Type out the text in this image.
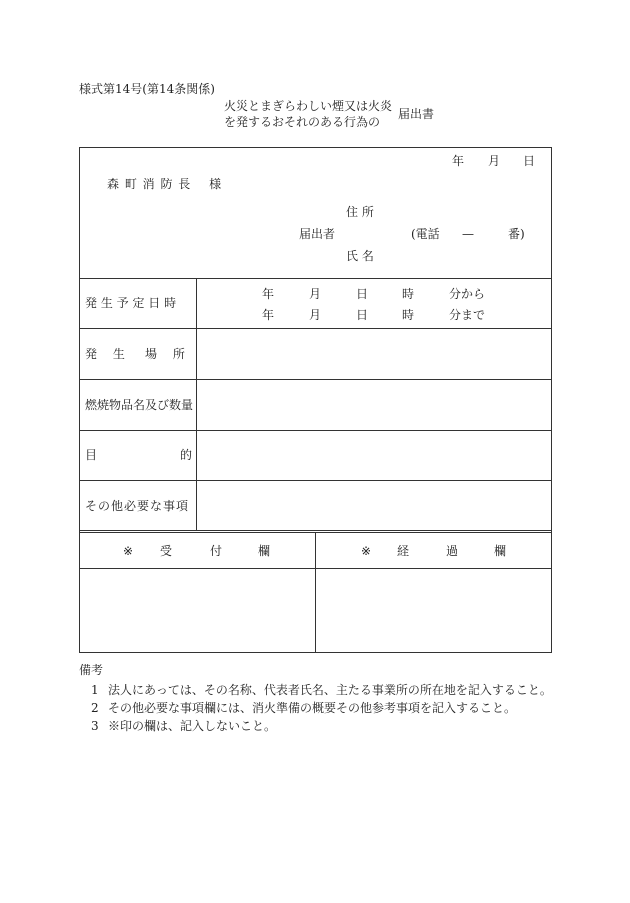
様式第14号(第14条関係)
火災とまぎらわしい煙又は火炎
を発するおそれのある行為の
届出書
年 月 日
森 町 消 防 長　 様
住 所
届出者	(電話 —	番)
氏 名
発 生 予 定 日 時
年	月	日	時	分から
年	月	日	時	分まで
発 生 場 所
燃焼物品名及び数量
目	的
その他必要な事項
※ 受	付	欄	※ 経	過	欄
備考
1 法人にあっては、その名称、代表者氏名、主たる事業所の所在地を記入すること。
2 その他必要な事項欄には、消火準備の概要その他参考事項を記入すること。
3 ※印の欄は、記入しないこと。
